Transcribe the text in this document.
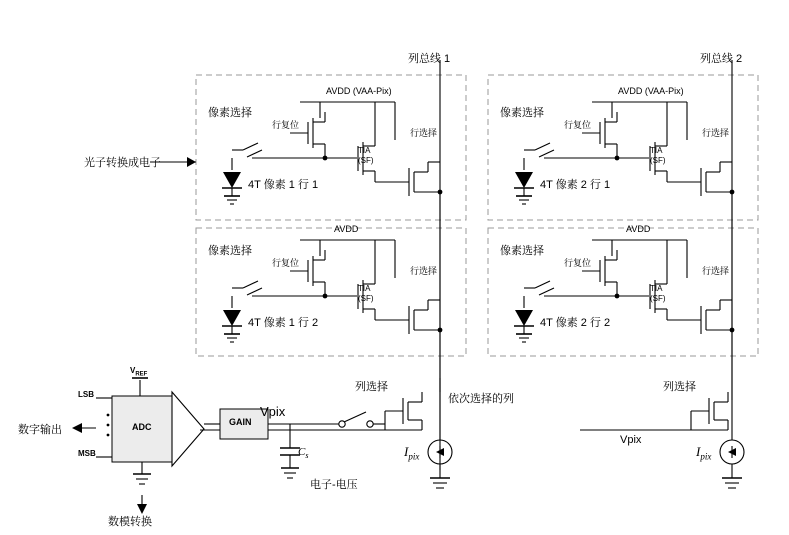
列总线 1	列总线 2
光子转换成电子
AVDD (VAA-Pix)
像素选择
行复位
行选择
TIA
(SF)
4T 像素 1 行 1
AVDD (VAA-Pix)
像素选择
行复位
行选择
TIA
(SF)
4T 像素 2 行 1
AVDD
像素选择
行复位
行选择
TIA
(SF)
4T 像素 1 行 2
AVDD
像素选择
行复位
行选择
TIA
(SF)
4T 像素 2 行 2
列选择	列选择
依次选择的列
电子-电压
Vpix
Vpix
GAIN
ADC
$V_{REF}$
LSB
MSB
数字输出
数模转换
$C_s$	$I_{pix}$	$I_{pix}$
